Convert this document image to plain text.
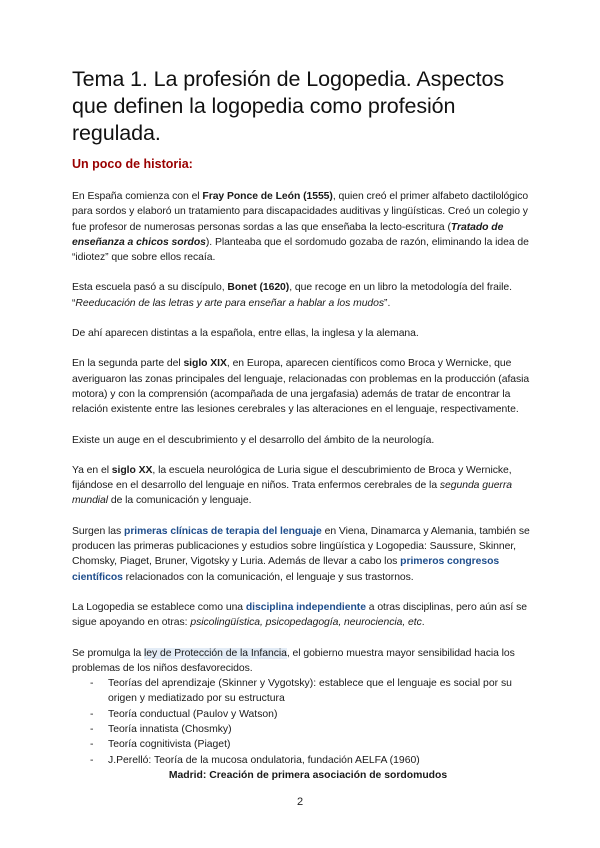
Tema 1. La profesión de Logopedia. Aspectos que definen la logopedia como profesión regulada.
Un poco de historia:

En España comienza con el Fray Ponce de León (1555), quien creó el primer alfabeto dactilológico para sordos y elaboró un tratamiento para discapacidades auditivas y lingüísticas. Creó un colegio y fue profesor de numerosas personas sordas a las que enseñaba la lecto-escritura (Tratado de enseñanza a chicos sordos). Planteaba que el sordomudo gozaba de razón, eliminando la idea de “idiotez” que sobre ellos recaía.

Esta escuela pasó a su discípulo, Bonet (1620), que recoge en un libro la metodología del fraile. “Reeducación de las letras y arte para enseñar a hablar a los mudos”.

De ahí aparecen distintas a la española, entre ellas, la inglesa y la alemana.

En la segunda parte del siglo XIX, en Europa, aparecen científicos como Broca y Wernicke, que averiguaron las zonas principales del lenguaje, relacionadas con problemas en la producción (afasia motora) y con la comprensión (acompañada de una jergafasia) además de tratar de encontrar la relación existente entre las lesiones cerebrales y las alteraciones en el lenguaje, respectivamente.

Existe un auge en el descubrimiento y el desarrollo del ámbito de la neurología.

Ya en el siglo XX, la escuela neurológica de Luria sigue el descubrimiento de Broca y Wernicke, fijándose en el desarrollo del lenguaje en niños. Trata enfermos cerebrales de la segunda guerra mundial de la comunicación y lenguaje.

Surgen las primeras clínicas de terapia del lenguaje en Viena, Dinamarca y Alemania, también se producen las primeras publicaciones y estudios sobre lingüística y Logopedia: Saussure, Skinner, Chomsky, Piaget, Bruner, Vigotsky y Luria. Además de llevar a cabo los primeros congresos científicos relacionados con la comunicación, el lenguaje y sus trastornos.

La Logopedia se establece como una disciplina independiente a otras disciplinas, pero aún así se sigue apoyando en otras: psicolingüística, psicopedagogía, neurociencia, etc.

Se promulga la ley de Protección de la Infancia, el gobierno muestra mayor sensibilidad hacia los problemas de los niños desfavorecidos.

- Teorías del aprendizaje (Skinner y Vygotsky): establece que el lenguaje es social por su origen y mediatizado por su estructura
- Teoría conductual (Paulov y Watson)
- Teoría innatista (Chosmky)
- Teoría cognitivista (Piaget)
- J.Perelló: Teoría de la mucosa ondulatoria, fundación AELFA (1960)
Madrid: Creación de primera asociación de sordomudos
2
